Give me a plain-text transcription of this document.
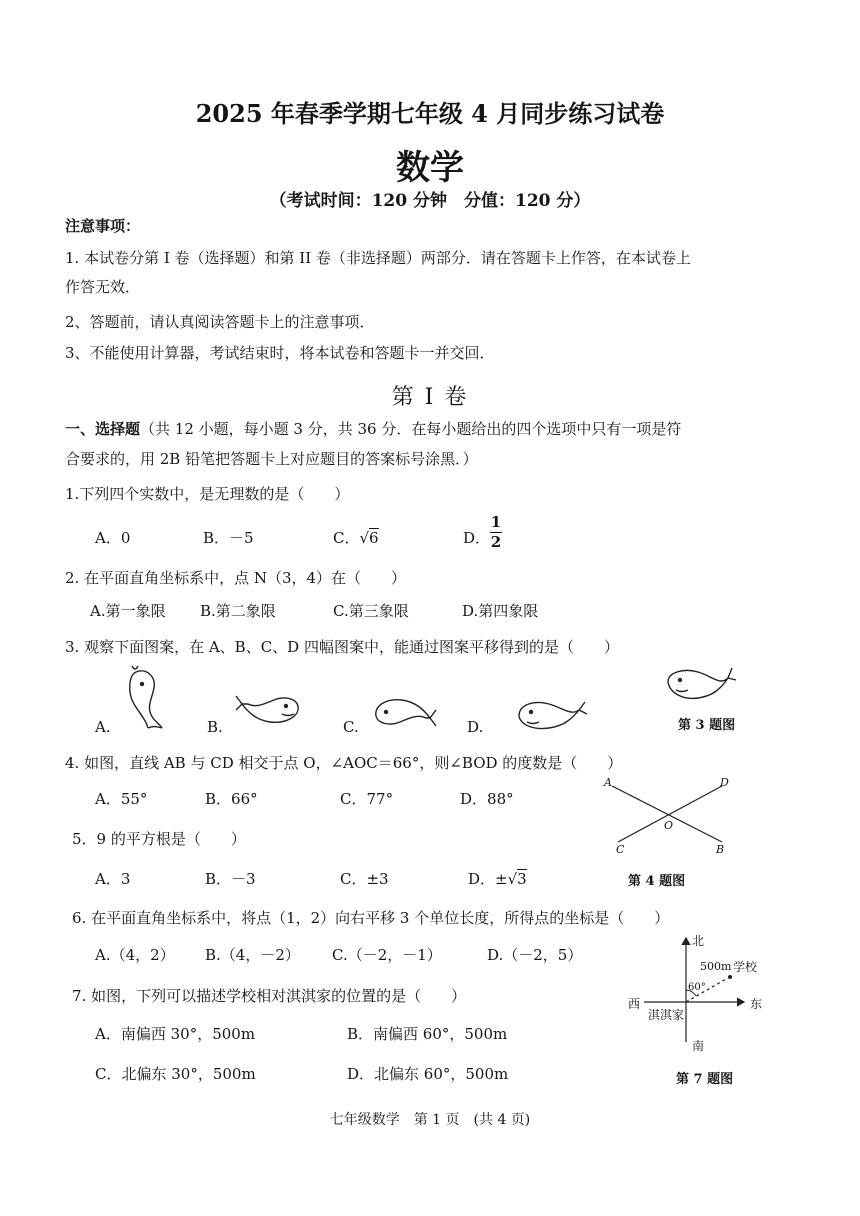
2025 年春季学期七年级 4 月同步练习试卷
数学
（考试时间：120 分钟　分值：120 分）
注意事项：
1. 本试卷分第 I 卷（选择题）和第 II 卷（非选择题）两部分．请在答题卡上作答，在本试卷上
作答无效．
2、答题前，请认真阅读答题卡上的注意事项．
3、不能使用计算器，考试结束时，将本试卷和答题卡一并交回．
第 I 卷
一、选择题（共 12 小题，每小题 3 分，共 36 分．在每小题给出的四个选项中只有一项是符
合要求的，用 2B 铅笔把答题卡上对应题目的答案标号涂黑．）
1.下列四个实数中，是无理数的是（　　）
A．0	B．－5	C．√6	D． $\frac{1}{2}$
2. 在平面直角坐标系中，点 N（3，4）在（　　）
A.第一象限 B.第二象限	C.第三象限	D.第四象限
3. 观察下面图案，在 A、B、C、D 四幅图案中，能通过图案平移得到的是（　　）
A.	B.	C.	D.	第 3 题图
4. 如图，直线 AB 与 CD 相交于点 O，∠AOC＝66°，则∠BOD 的度数是（　　）
A．55°	B．66°	C．77°	D．88°
A	D
O
C	B
第 4 题图
5．9 的平方根是（　　）
A．3	B．－3	C．±3	D．±√3
6. 在平面直角坐标系中，将点（1，2）向右平移 3 个单位长度，所得点的坐标是（　　）
A.（4，2） B.（4，－2） C.（－2，－1）	D.（－2，5）
7. 如图，下列可以描述学校相对淇淇家的位置的是（　　）
A．南偏西 30°，500m	B．南偏西 60°，500m
C．北偏东 30°，500m	D．北偏东 60°，500m
北
南
东
西
淇淇家
500m 学校
60°
第 7 题图
七年级数学　第 1 页　(共 4 页)
